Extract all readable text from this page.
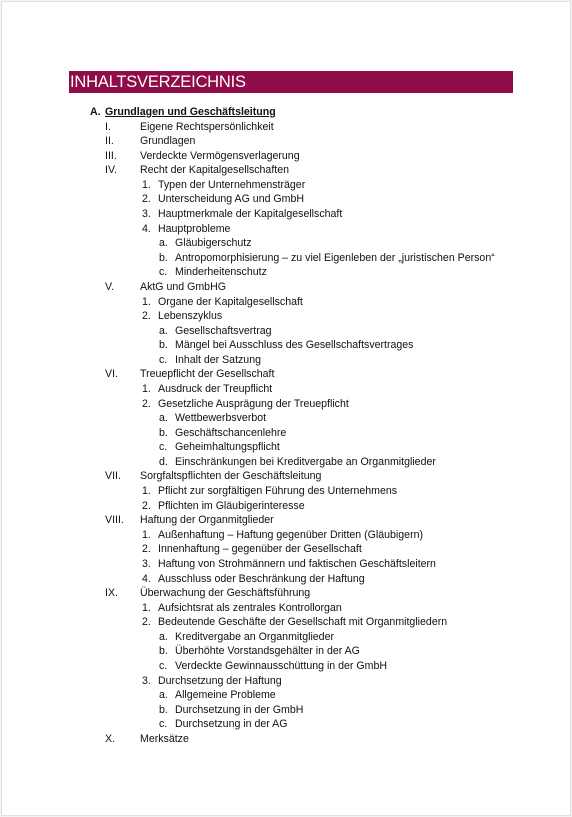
INHALTSVERZEICHNIS
A. Grundlagen und Geschäftsleitung
I.	Eigene Rechtspersönlichkeit
II. Grundlagen
III. Verdeckte Vermögensverlagerung
IV. Recht der Kapitalgesellschaften
1. Typen der Unternehmensträger
2. Unterscheidung AG und GmbH
3. Hauptmerkmale der Kapitalgesellschaft
4. Hauptprobleme
a. Gläubigerschutz
b. Antropomorphisierung – zu viel Eigenleben der „juristischen Person“
c. Minderheitenschutz
V. AktG und GmbHG
1. Organe der Kapitalgesellschaft
2. Lebenszyklus
a. Gesellschaftsvertrag
b. Mängel bei Ausschluss des Gesellschaftsvertrages
c. Inhalt der Satzung
VI. Treuepflicht der Gesellschaft
1. Ausdruck der Treupflicht
2. Gesetzliche Ausprägung der Treuepflicht
a. Wettbewerbsverbot
b. Geschäftschancenlehre
c. Geheimhaltungspflicht
d. Einschränkungen bei Kreditvergabe an Organmitglieder
VII. Sorgfaltspflichten der Geschäftsleitung
1. Pflicht zur sorgfältigen Führung des Unternehmens
2. Pflichten im Gläubigerinteresse
VIII. Haftung der Organmitglieder
1. Außenhaftung – Haftung gegenüber Dritten (Gläubigern)
2. Innenhaftung – gegenüber der Gesellschaft
3. Haftung von Strohmännern und faktischen Geschäftsleitern
4. Ausschluss oder Beschränkung der Haftung
IX. Überwachung der Geschäftsführung
1. Aufsichtsrat als zentrales Kontrollorgan
2. Bedeutende Geschäfte der Gesellschaft mit Organmitgliedern
a. Kreditvergabe an Organmitglieder
b. Überhöhte Vorstandsgehälter in der AG
c. Verdeckte Gewinnausschüttung in der GmbH
3. Durchsetzung der Haftung
a. Allgemeine Probleme
b. Durchsetzung in der GmbH
c. Durchsetzung in der AG
X. Merksätze
